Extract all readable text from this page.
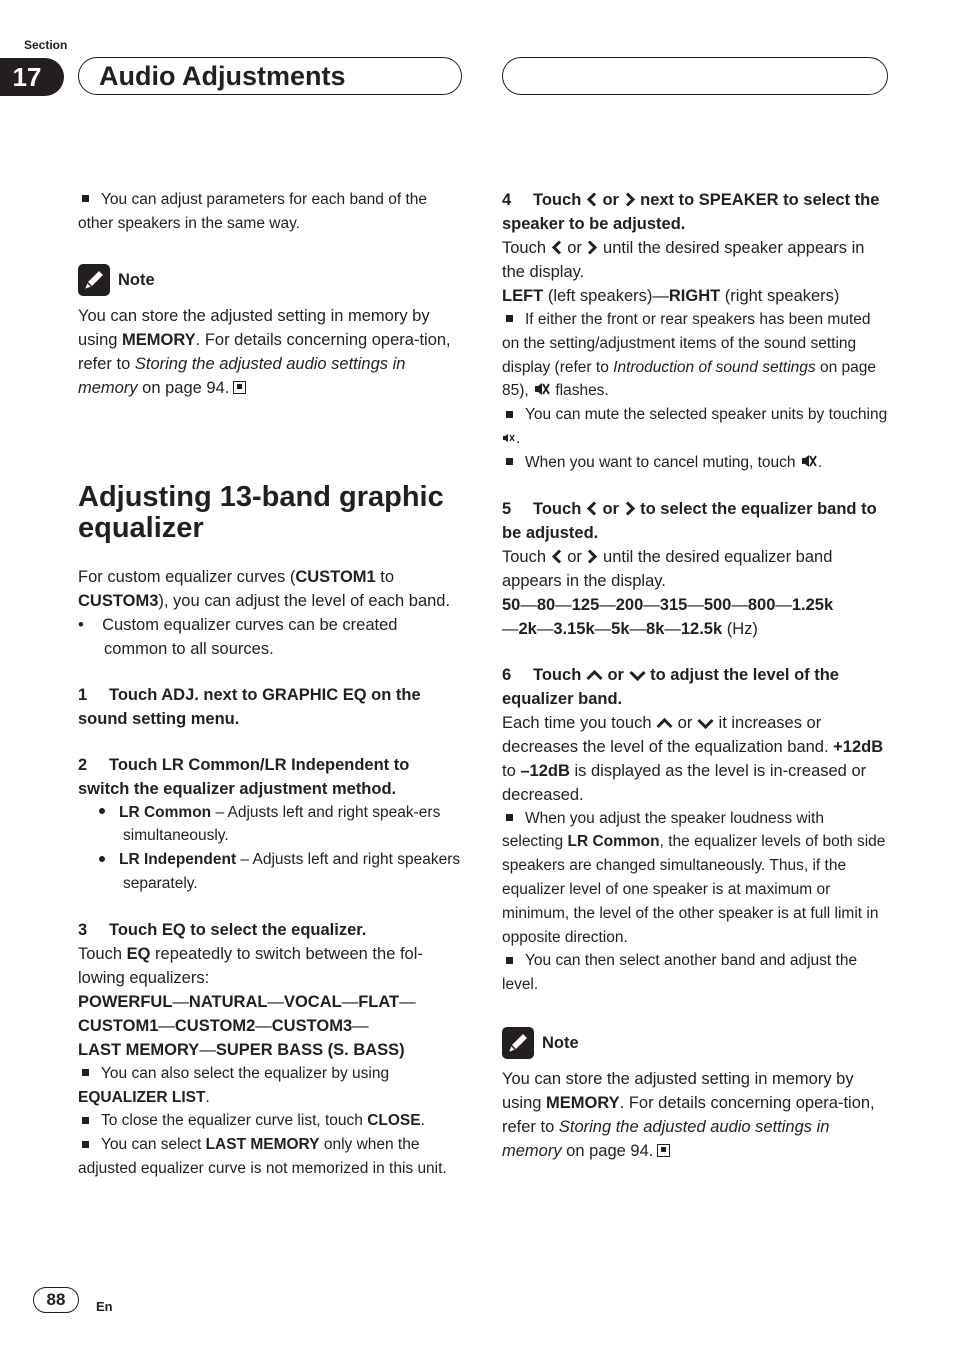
Section
17	Audio Adjustments

You can adjust parameters for each band of the other speakers in the same way.

Note

You can store the adjusted setting in memory by using MEMORY. For details concerning opera-tion, refer to Storing the adjusted audio settings in memory on page 94.

Adjusting 13-band graphic equalizer

For custom equalizer curves (CUSTOM1 to CUSTOM3), you can adjust the level of each band.

•    Custom equalizer curves can be created common to all sources.

1 Touch ADJ. next to GRAPHIC EQ on the sound setting menu.

2 Touch LR Common/LR Independent to switch the equalizer adjustment method.

LR Common – Adjusts left and right speak-ers simultaneously.

LR Independent – Adjusts left and right speakers separately.

3 Touch EQ to select the equalizer.

Touch EQ repeatedly to switch between the fol-lowing equalizers:

POWERFUL—NATURAL—VOCAL—FLAT—
CUSTOM1—CUSTOM2—CUSTOM3—
LAST MEMORY—SUPER BASS (S. BASS)

You can also select the equalizer by using EQUALIZER LIST.

To close the equalizer curve list, touch CLOSE.

You can select LAST MEMORY only when the adjusted equalizer curve is not memorized in this unit.

4 Touch  or  next to SPEAKER to select the speaker to be adjusted.

Touch  or  until the desired speaker appears in the display.

LEFT (left speakers)—RIGHT (right speakers)

If either the front or rear speakers has been muted on the setting/adjustment items of the sound setting display (refer to Introduction of sound settings on page 85),  flashes.

You can mute the selected speaker units by touching .

When you want to cancel muting, touch .

5 Touch  or  to select the equalizer band to be adjusted.

Touch  or  until the desired equalizer band appears in the display.

50—80—125—200—315—500—800—1.25k
—2k—3.15k—5k—8k—12.5k (Hz)

6 Touch  or  to adjust the level of the equalizer band.

Each time you touch  or  it increases or decreases the level of the equalization band. +12dB to –12dB is displayed as the level is in-creased or decreased.

When you adjust the speaker loudness with selecting LR Common, the equalizer levels of both side speakers are changed simultaneously. Thus, if the equalizer level of one speaker is at maximum or minimum, the level of the other speaker is at full limit in opposite direction.

You can then select another band and adjust the level.

Note

You can store the adjusted setting in memory by using MEMORY. For details concerning opera-tion, refer to Storing the adjusted audio settings in memory on page 94.

88	En
